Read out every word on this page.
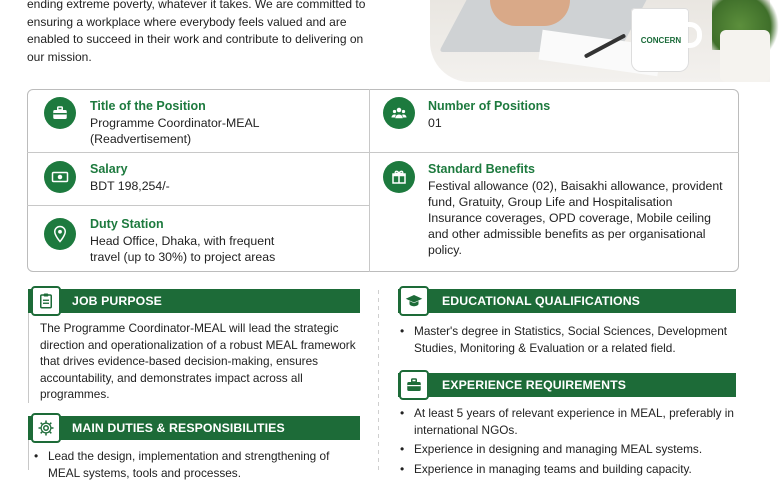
ending extreme poverty, whatever it takes. We are committed to ensuring a workplace where everybody feels valued and are enabled to succeed in their work and contribute to delivering on our mission.

CONCERN
Title of the Position
Programme Coordinator-MEAL
(Readvertisement)
Number of Positions
01
Salary
BDT 198,254/-
Standard Benefits
Festival allowance (02), Baisakhi allowance, provident fund, Gratuity, Group Life and Hospitalisation Insurance coverages, OPD coverage, Mobile ceiling and other admissible benefits as per organisational policy.
Duty Station
Head Office, Dhaka, with frequent travel (up to 30%) to project areas
JOB PURPOSE
The Programme Coordinator-MEAL will lead the strategic direction and operationalization of a robust MEAL framework that drives evidence-based decision-making, ensures accountability, and demonstrates impact across all programmes.
MAIN DUTIES & RESPONSIBILITIES
• Lead the design, implementation and strengthening of MEAL systems, tools and processes.
EDUCATIONAL QUALIFICATIONS
• Master's degree in Statistics, Social Sciences, Development Studies, Monitoring & Evaluation or a related field.
EXPERIENCE REQUIREMENTS
• At least 5 years of relevant experience in MEAL, preferably in international NGOs.
• Experience in designing and managing MEAL systems.
• Experience in managing teams and building capacity.
